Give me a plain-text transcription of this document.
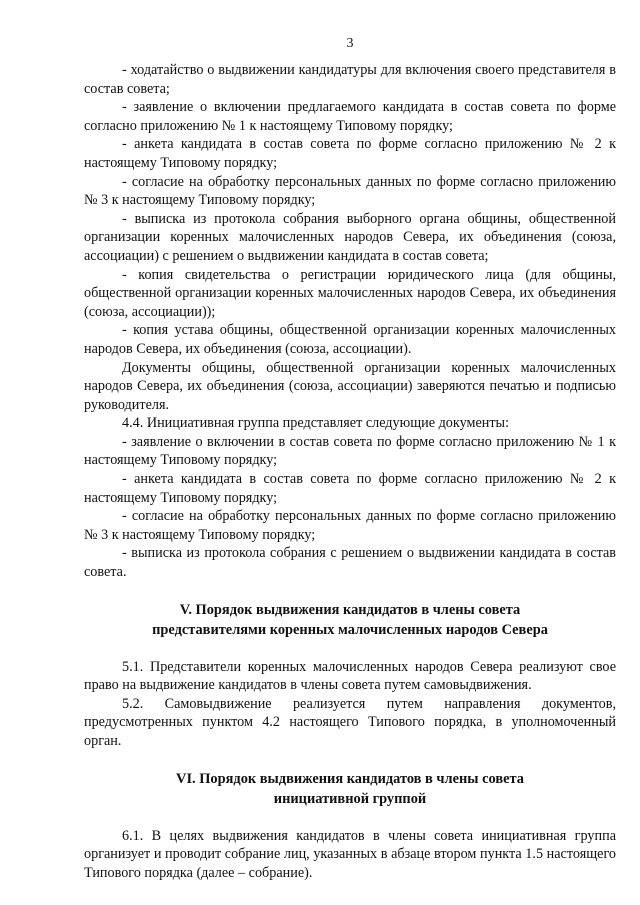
3

- ходатайство о выдвижении кандидатуры для включения своего представителя в состав совета;

- заявление о включении предлагаемого кандидата в состав совета по форме согласно приложению № 1 к настоящему Типовому порядку;

- анкета кандидата в состав совета по форме согласно приложению № 2 к настоящему Типовому порядку;

- согласие на обработку персональных данных по форме согласно приложению № 3 к настоящему Типовому порядку;

- выписка из протокола собрания выборного органа общины, общественной организации коренных малочисленных народов Севера, их объединения (союза, ассоциации) с решением о выдвижении кандидата в состав совета;

- копия свидетельства о регистрации юридического лица (для общины, общественной организации коренных малочисленных народов Севера, их объединения (союза, ассоциации));

- копия устава общины, общественной организации коренных малочисленных народов Севера, их объединения (союза, ассоциации).

Документы общины, общественной организации коренных малочисленных народов Севера, их объединения (союза, ассоциации) заверяются печатью и подписью руководителя.

4.4. Инициативная группа представляет следующие документы:

- заявление о включении в состав совета по форме согласно приложению № 1 к настоящему Типовому порядку;

- анкета кандидата в состав совета по форме согласно приложению № 2 к настоящему Типовому порядку;

- согласие на обработку персональных данных по форме согласно приложению № 3 к настоящему Типовому порядку;

- выписка из протокола собрания с решением о выдвижении кандидата в состав совета.

V. Порядок выдвижения кандидатов в члены совета
представителями коренных малочисленных народов Севера

5.1. Представители коренных малочисленных народов Севера реализуют свое право на выдвижение кандидатов в члены совета путем самовыдвижения.

5.2. Самовыдвижение реализуется путем направления документов, предусмотренных пунктом 4.2 настоящего Типового порядка, в уполномоченный орган.

VI. Порядок выдвижения кандидатов в члены совета
инициативной группой

6.1. В целях выдвижения кандидатов в члены совета инициативная группа организует и проводит собрание лиц, указанных в абзаце втором пункта 1.5 настоящего Типового порядка (далее – собрание).
